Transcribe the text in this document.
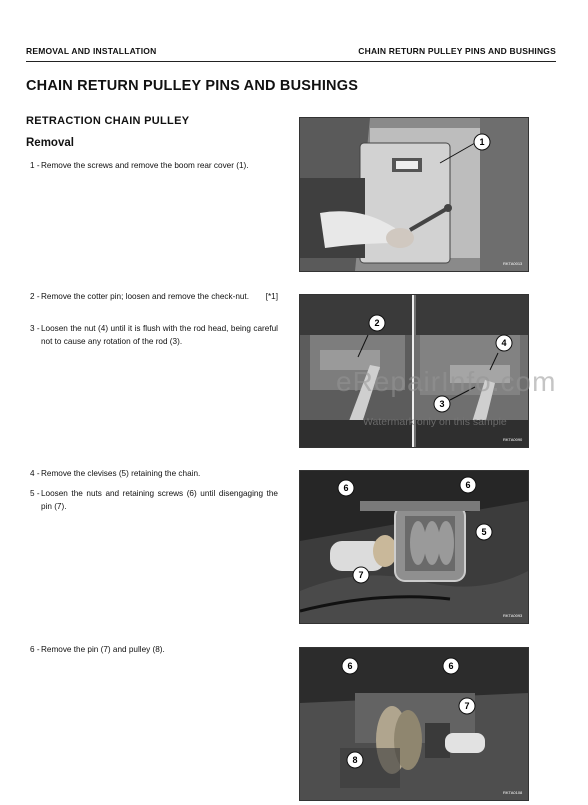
REMOVAL AND INSTALLATION	CHAIN RETURN PULLEY PINS AND BUSHINGS
CHAIN RETURN PULLEY PINS AND BUSHINGS
RETRACTION CHAIN PULLEY
Removal
1 - Remove the screws and remove the boom rear cover (1).
2 - Remove the cotter pin; loosen and remove the check-nut.	[*1]
3 - Loosen the nut (4) until it is flush with the rod head, being careful not to cause any rotation of the rod (3).
4 - Remove the clevises (5) retaining the chain.
5 - Loosen the nuts and retaining screws (6) until disengaging the pin (7).
6 - Remove the pin (7) and pulley (8).
1
RKTA0013
2
3
4
RKTA0090
6	6
5
7
RKTA0093
6	6
7
8
RKTA0108
eRepairInfo.com
Watermark only on this sample
